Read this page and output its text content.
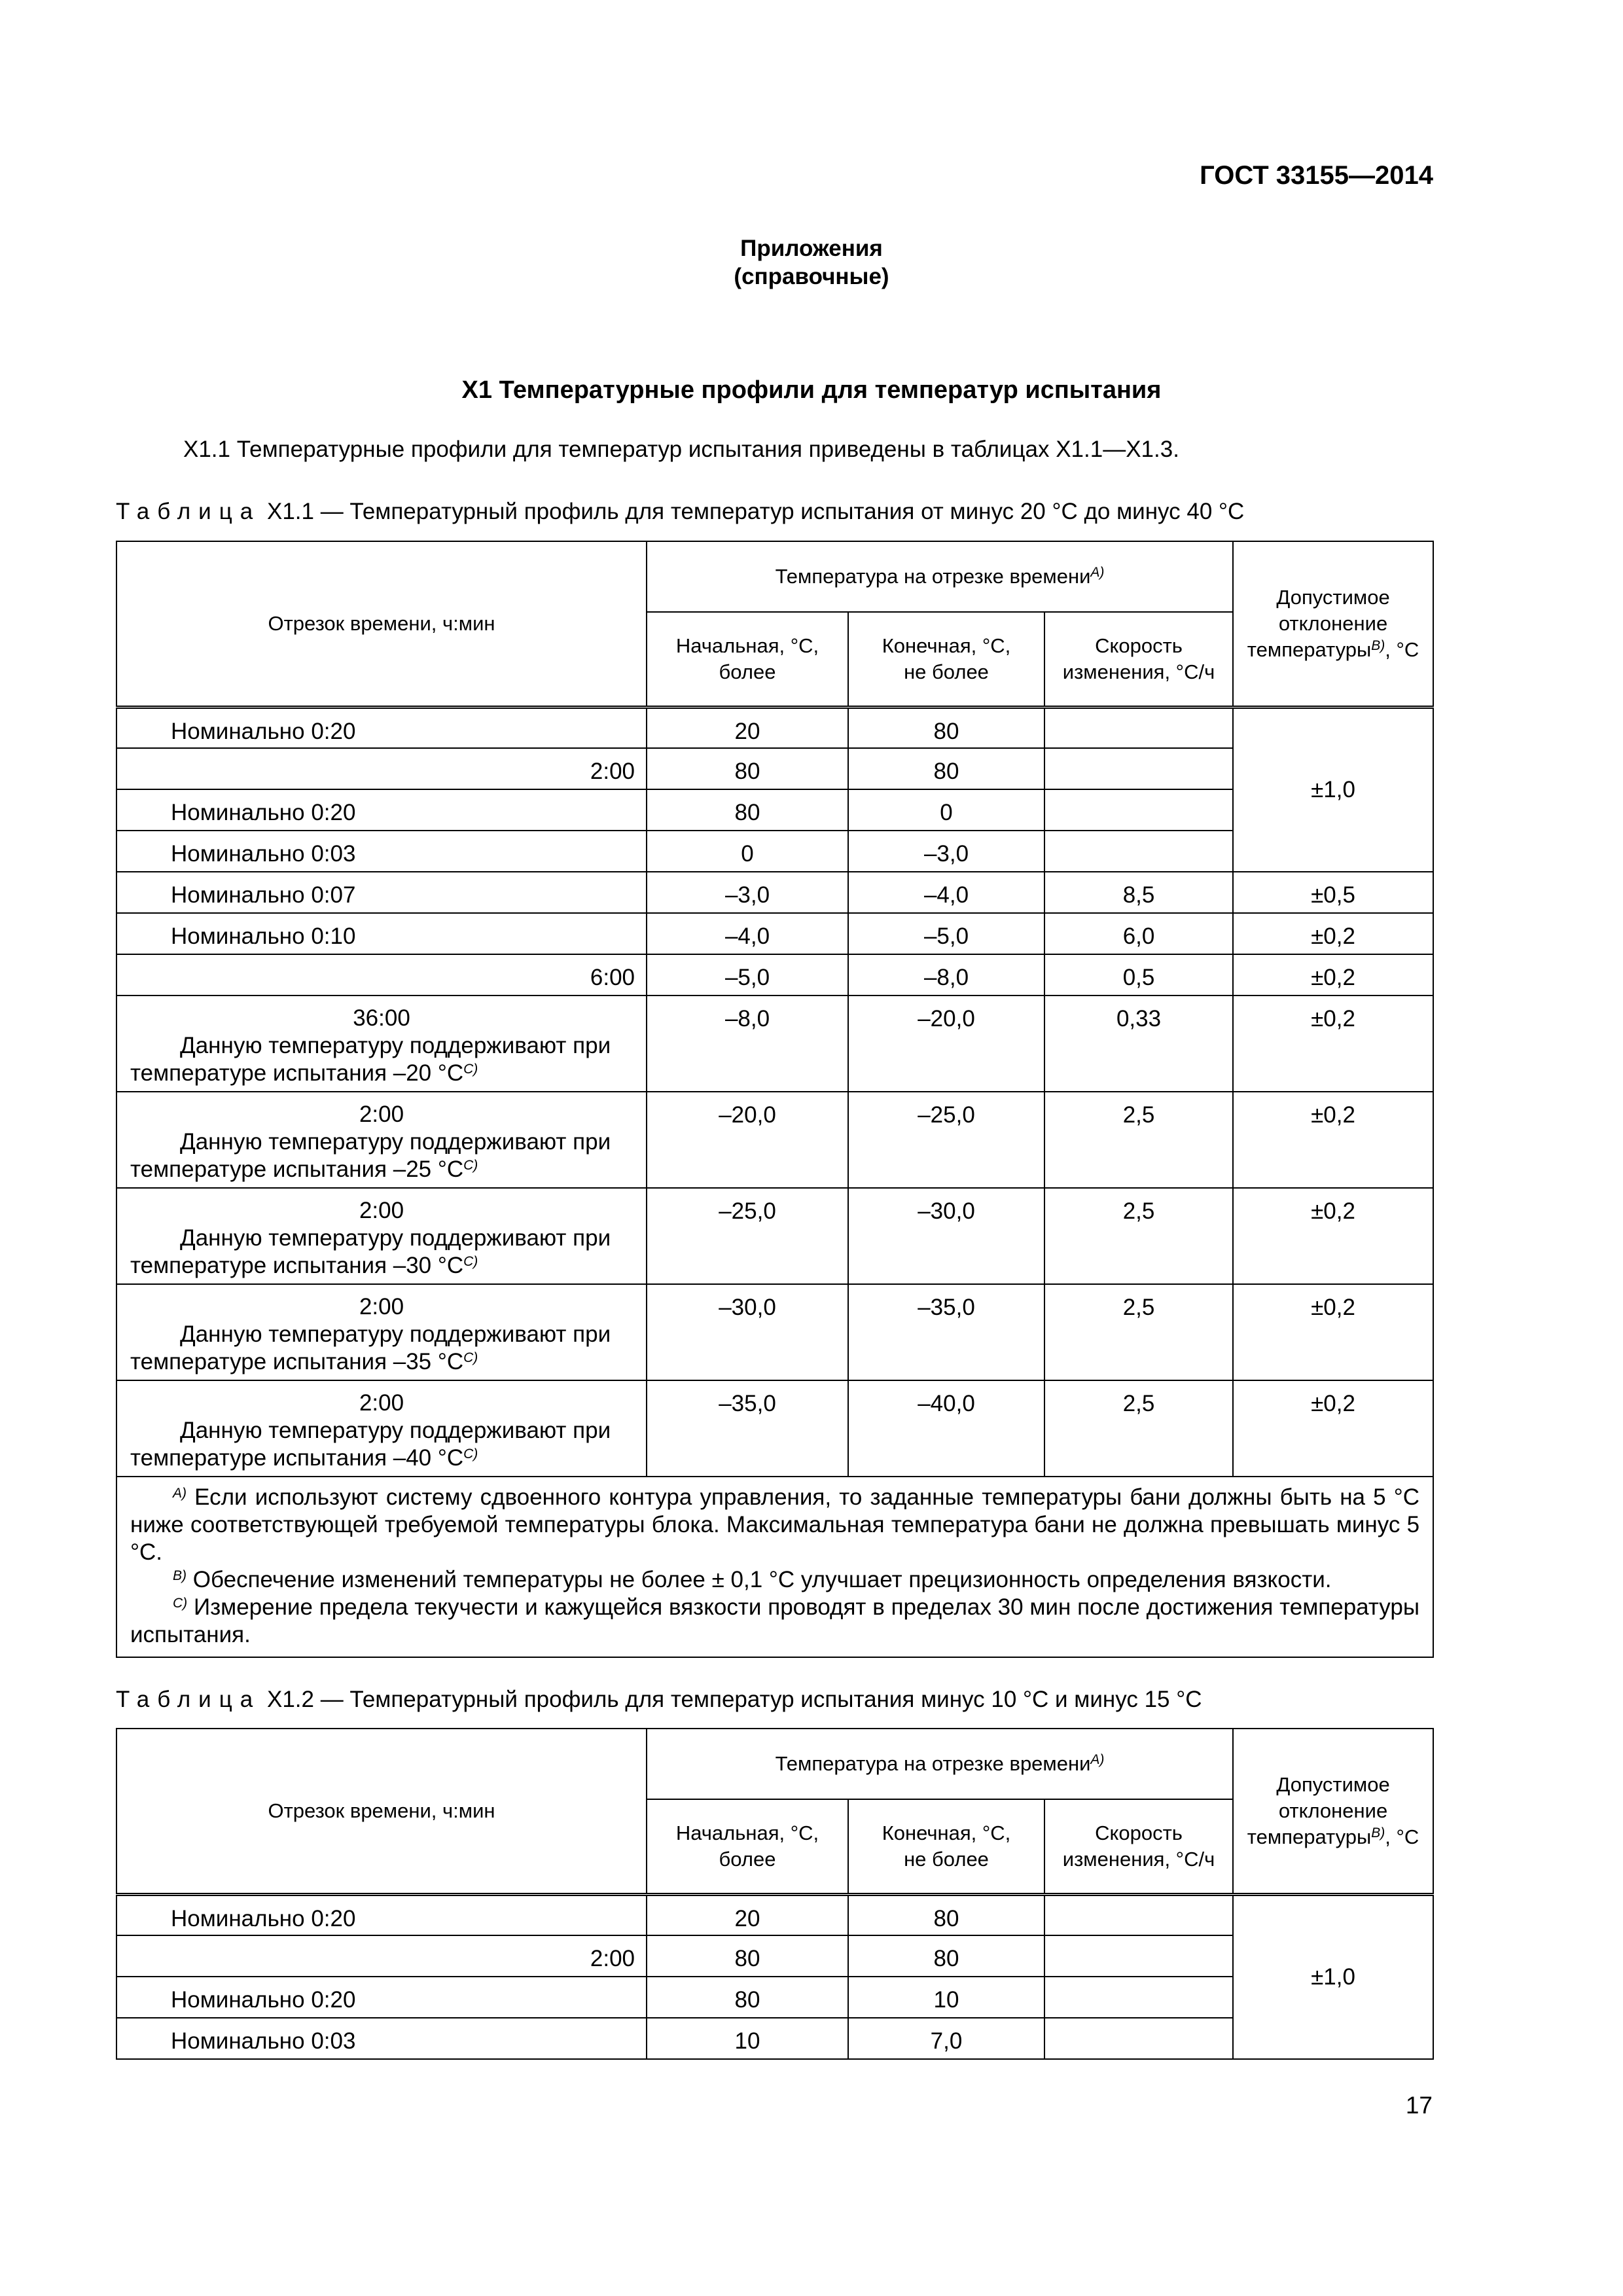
ГОСТ 33155—2014
Приложения
(справочные)
Х1 Температурные профили для температур испытания
Х1.1 Температурные профили для температур испытания приведены в таблицах Х1.1—Х1.3.
Таблица Х1.1 — Температурный профиль для температур испытания от минус 20 °С до минус 40 °С
Отрезок времени, ч:мин	Температура на отрезке времени$^{А)}$			Допустимое
отклонение
температуры$^{В)}$, °С
	Начальная, °С,
более	Конечная, °С,
не более	Скорость
изменения, °С/ч	
Номинально 0:20	20	80		±1,0
2:00	80	80		
Номинально 0:20	80	0		
Номинально 0:03	0	–3,0		
Номинально 0:07	–3,0	–4,0	8,5	±0,5
Номинально 0:10	–4,0	–5,0	6,0	±0,2
6:00	–5,0	–8,0	0,5	±0,2

36:00
Данную температуру поддерживают при
температуре испытания –20 $^\circ С^{С)}$	–8,0	–20,0	0,33	±0,2

2:00
Данную температуру поддерживают при
температуре испытания –25 $^\circ С^{С)}$	–20,0	–25,0	2,5	±0,2

2:00
Данную температуру поддерживают при
температуре испытания –30 $^\circ С^{С)}$	–25,0	–30,0	2,5	±0,2

2:00
Данную температуру поддерживают при
температуре испытания –35 $^\circ С^{С)}$	–30,0	–35,0	2,5	±0,2

2:00
Данную температуру поддерживают при
температуре испытания –40 $^\circ С^{С)}$	–35,0	–40,0	2,5	±0,2

$^{А)}$ Если используют систему сдвоенного контура управления, то заданные температуры бани должны быть на 5 °С ниже соответствующей требуемой температуры блока. Максимальная температура бани не должна превышать минус 5 °С.

$^{В)}$ Обеспечение изменений температуры не более ± 0,1 °С улучшает прецизионность определения вязкости.

$^{С)}$ Измерение предела текучести и кажущейся вязкости проводят в пределах 30 мин после достижения температуры испытания.				

Таблица Х1.2 — Температурный профиль для температур испытания минус 10 °С и минус 15 °С
Отрезок времени, ч:мин	Температура на отрезке времени$^{А)}$			Допустимое
отклонение
температуры$^{В)}$, °С
	Начальная, °С,
более	Конечная, °С,
не более	Скорость
изменения, °С/ч	
Номинально 0:20	20	80		±1,0
2:00	80	80		
Номинально 0:20	80	10		
Номинально 0:03	10	7,0		
17
